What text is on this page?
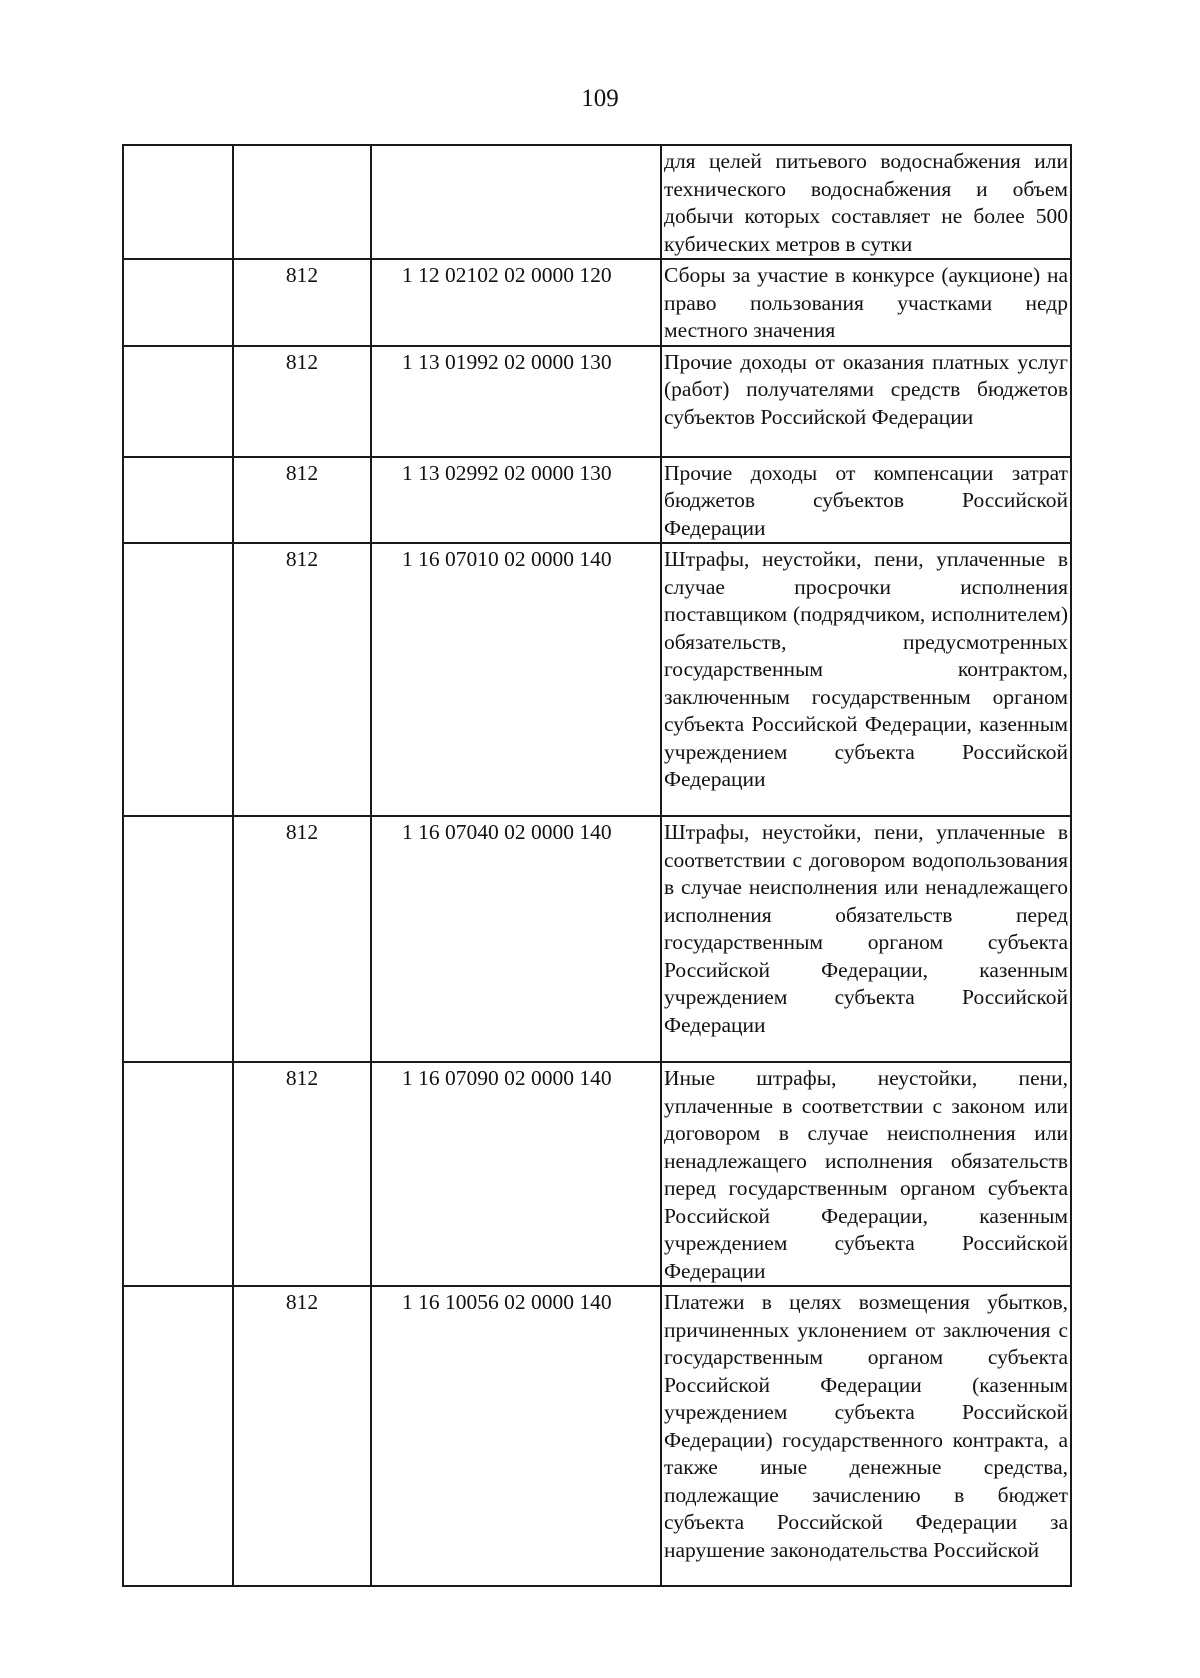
109
			для целей питьевого водоснабжения или технического водоснабжения и объем добычи которых составляет не более 500 кубических метров в сутки
	812	1 12 02102 02 0000 120	Сборы за участие в конкурсе (аукционе) на право пользования участками недр местного значения
	812	1 13 01992 02 0000 130	Прочие доходы от оказания платных услуг (работ) получателями средств бюджетов субъектов Российской Федерации
	812	1 13 02992 02 0000 130	Прочие доходы от компенсации затрат бюджетов субъектов Российской Федерации
	812	1 16 07010 02 0000 140	Штрафы, неустойки, пени, уплаченные в случае просрочки исполнения поставщиком (подрядчиком, исполнителем) обязательств, предусмотренных государственным контрактом, заключенным государственным органом субъекта Российской Федерации, казенным учреждением субъекта Российской Федерации
	812	1 16 07040 02 0000 140	Штрафы, неустойки, пени, уплаченные в соответствии с договором водопользования в случае неисполнения или ненадлежащего исполнения обязательств перед государственным органом субъекта Российской Федерации, казенным учреждением субъекта Российской Федерации
	812	1 16 07090 02 0000 140	Иные штрафы, неустойки, пени, уплаченные в соответствии с законом или договором в случае неисполнения или ненадлежащего исполнения обязательств перед государственным органом субъекта Российской Федерации, казенным учреждением субъекта Российской Федерации
	812	1 16 10056 02 0000 140	Платежи в целях возмещения убытков, причиненных уклонением от заключения с государственным органом субъекта Российской Федерации (казенным учреждением субъекта Российской Федерации) государственного контракта, а также иные денежные средства, подлежащие зачислению в бюджет субъекта Российской Федерации за нарушение законодательства Российской
